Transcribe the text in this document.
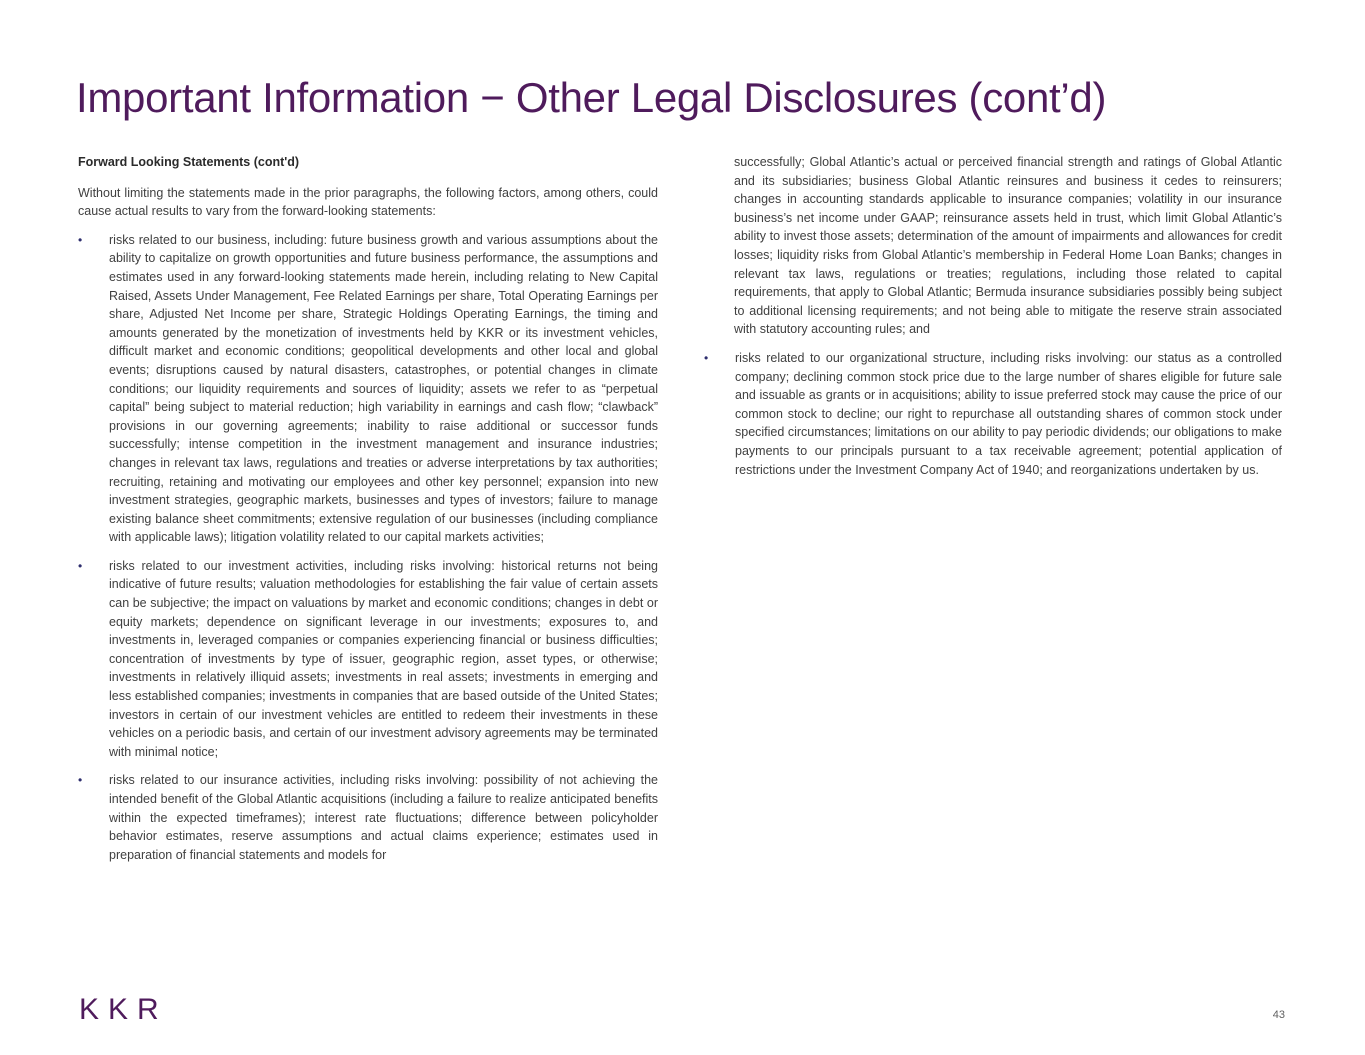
Important Information − Other Legal Disclosures (cont’d)

Forward Looking Statements (cont'd)

Without limiting the statements made in the prior paragraphs, the following factors, among others, could cause actual results to vary from the forward-looking statements:

• risks related to our business, including: future business growth and various assumptions about the ability to capitalize on growth opportunities and future business performance, the assumptions and estimates used in any forward-looking statements made herein, including relating to New Capital Raised, Assets Under Management, Fee Related Earnings per share, Total Operating Earnings per share, Adjusted Net Income per share, Strategic Holdings Operating Earnings, the timing and amounts generated by the monetization of investments held by KKR or its investment vehicles, difficult market and economic conditions; geopolitical developments and other local and global events; disruptions caused by natural disasters, catastrophes, or potential changes in climate conditions; our liquidity requirements and sources of liquidity; assets we refer to as “perpetual capital” being subject to material reduction; high variability in earnings and cash flow; “clawback” provisions in our governing agreements; inability to raise additional or successor funds successfully; intense competition in the investment management and insurance industries; changes in relevant tax laws, regulations and treaties or adverse interpretations by tax authorities; recruiting, retaining and motivating our employees and other key personnel; expansion into new investment strategies, geographic markets, businesses and types of investors; failure to manage existing balance sheet commitments; extensive regulation of our businesses (including compliance with applicable laws); litigation volatility related to our capital markets activities;
• risks related to our investment activities, including risks involving: historical returns not being indicative of future results; valuation methodologies for establishing the fair value of certain assets can be subjective; the impact on valuations by market and economic conditions; changes in debt or equity markets; dependence on significant leverage in our investments; exposures to, and investments in, leveraged companies or companies experiencing financial or business difficulties; concentration of investments by type of issuer, geographic region, asset types, or otherwise; investments in relatively illiquid assets; investments in real assets; investments in emerging and less established companies; investments in companies that are based outside of the United States; investors in certain of our investment vehicles are entitled to redeem their investments in these vehicles on a periodic basis, and certain of our investment advisory agreements may be terminated with minimal notice;
• risks related to our insurance activities, including risks involving: possibility of not achieving the intended benefit of the Global Atlantic acquisitions (including a failure to realize anticipated benefits within the expected timeframes); interest rate fluctuations; difference between policyholder behavior estimates, reserve assumptions and actual claims experience; estimates used in preparation of financial statements and models for

successfully; Global Atlantic’s actual or perceived financial strength and ratings of Global Atlantic and its subsidiaries; business Global Atlantic reinsures and business it cedes to reinsurers; changes in accounting standards applicable to insurance companies; volatility in our insurance business’s net income under GAAP; reinsurance assets held in trust, which limit Global Atlantic’s ability to invest those assets; determination of the amount of impairments and allowances for credit losses; liquidity risks from Global Atlantic’s membership in Federal Home Loan Banks; changes in relevant tax laws, regulations or treaties; regulations, including those related to capital requirements, that apply to Global Atlantic; Bermuda insurance subsidiaries possibly being subject to additional licensing requirements; and not being able to mitigate the reserve strain associated with statutory accounting rules; and

• risks related to our organizational structure, including risks involving: our status as a controlled company; declining common stock price due to the large number of shares eligible for future sale and issuable as grants or in acquisitions; ability to issue preferred stock may cause the price of our common stock to decline; our right to repurchase all outstanding shares of common stock under specified circumstances; limitations on our ability to pay periodic dividends; our obligations to make payments to our principals pursuant to a tax receivable agreement; potential application of restrictions under the Investment Company Act of 1940; and reorganizations undertaken by us.
KKR	43
